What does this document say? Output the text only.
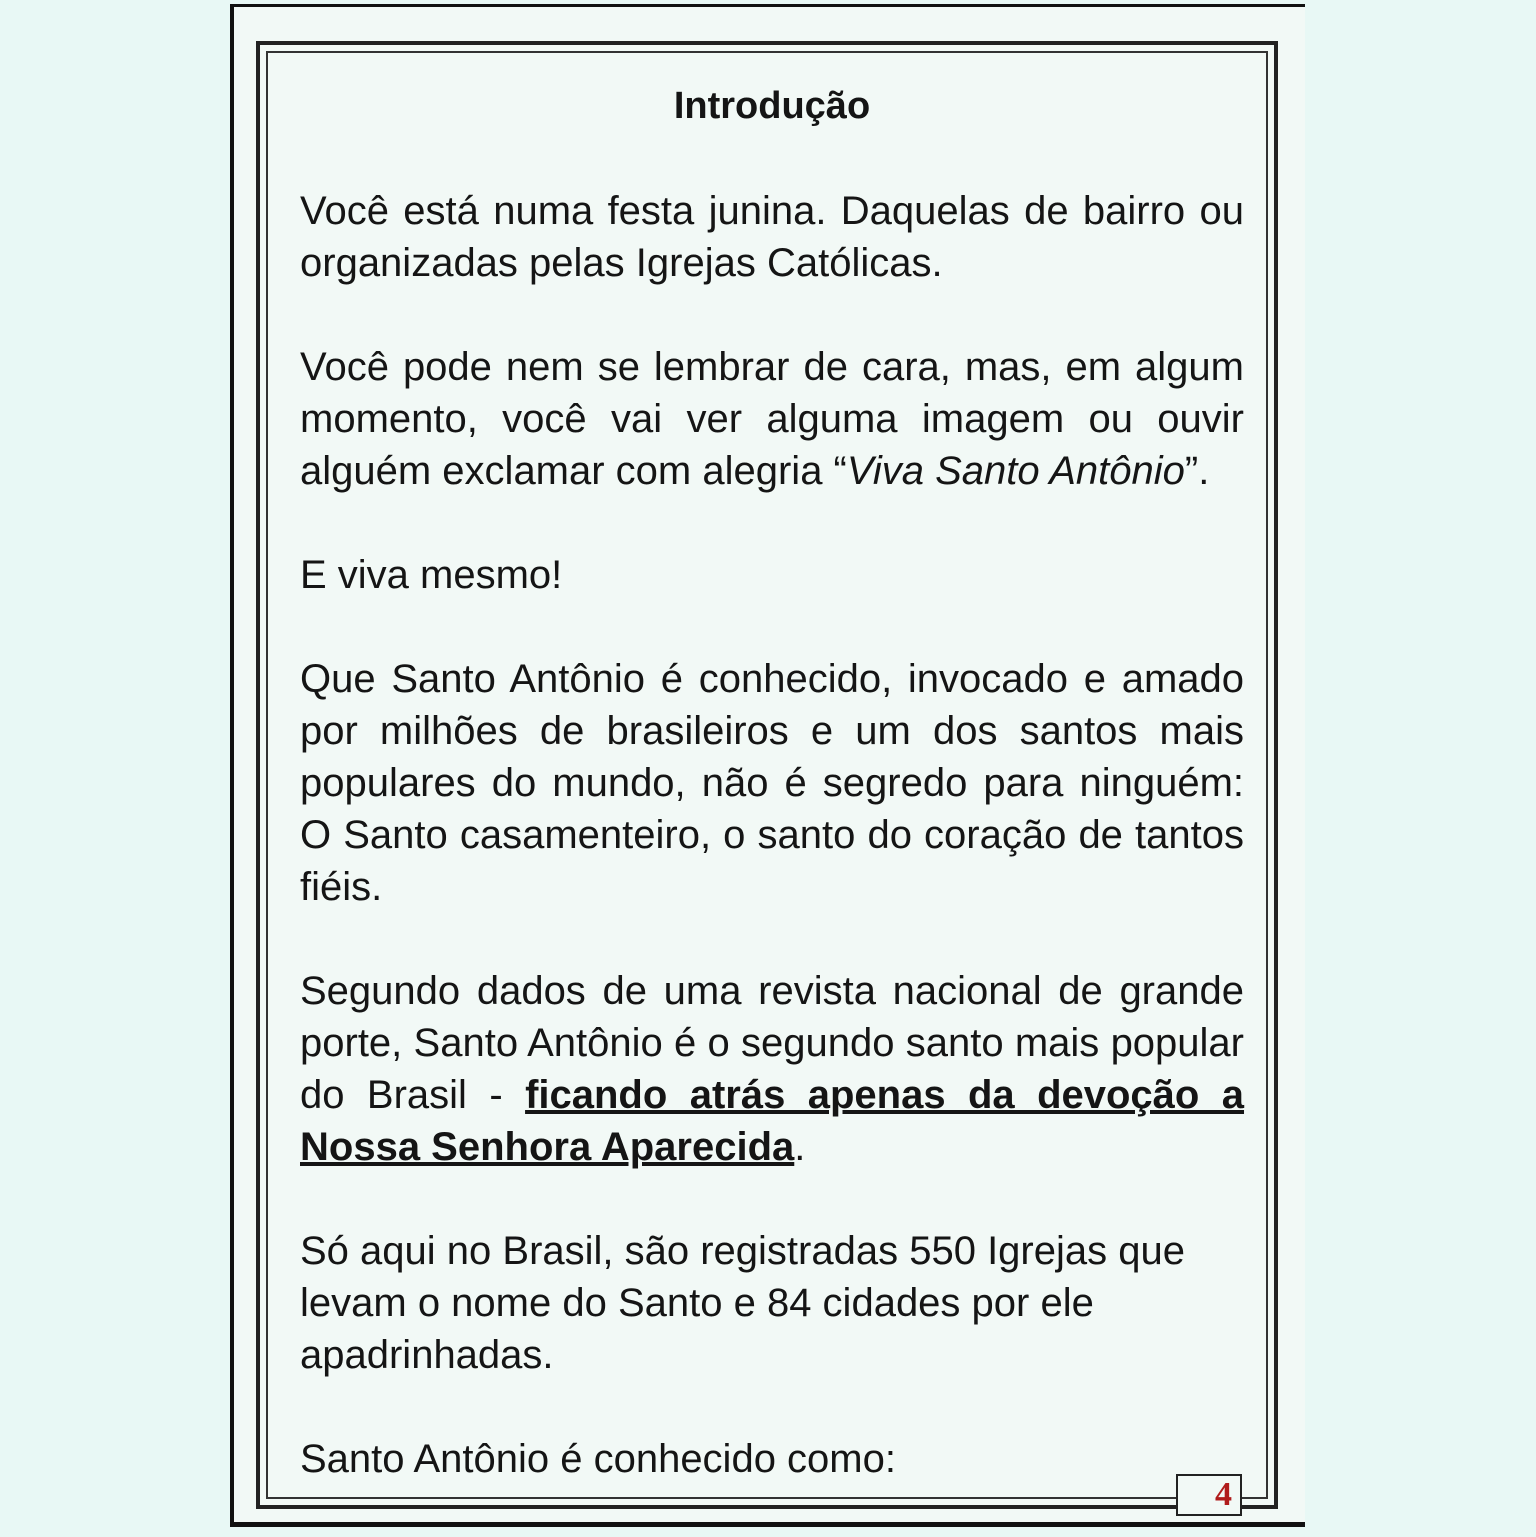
Introdução

Você está numa festa junina. Daquelas de bairro ou organizadas pelas Igrejas Católicas.

Você pode nem se lembrar de cara, mas, em algum momento, você vai ver alguma imagem ou ouvir alguém exclamar com alegria “Viva Santo Antônio”.

E viva mesmo!

Que Santo Antônio é conhecido, invocado e amado por milhões de brasileiros e um dos santos mais populares do mundo, não é segredo para ninguém: O Santo casamenteiro, o santo do coração de tantos fiéis.

Segundo dados de uma revista nacional de grande porte, Santo Antônio é o segundo santo mais popular do Brasil - ficando atrás apenas da devoção a Nossa Senhora Aparecida.

Só aqui no Brasil, são registradas 550 Igrejas que levam o nome do Santo e 84 cidades por ele apadrinhadas.

Santo Antônio é conhecido como:

4
